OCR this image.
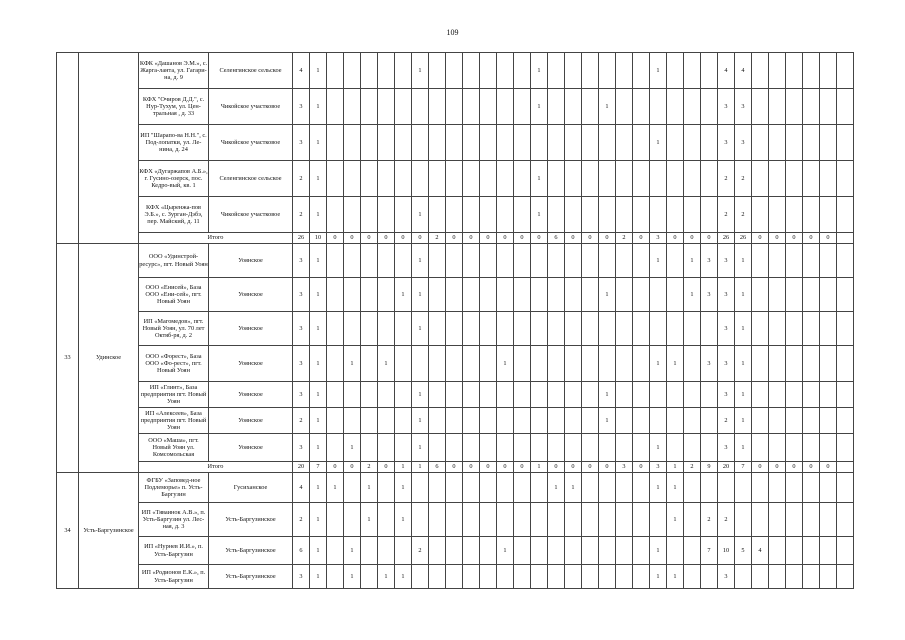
109
		КФК «Дашанов Э.М.», с. Жарга-ланта, ул. Гагари-на, д. 9	Селенгинское сельское	4	1						1							1							1				4	4						
		КФХ "Очиров Д.Д.", с. Нур-Тухум, ул. Цен-тральная , д. 33	Чикойское участковое	3	1													1				1							3	3						
		ИП "Шарапо-ва Н.Н.", с. Под-лопатки, ул. Ле-нина, д. 24	Чикойское участковое	3	1																				1				3	3						
		КФХ «Дугаржапов А.Б.», г. Гусино-озерск, пос. Кедро-вый, кв. 1	Селенгинское сельское	2	1													1											2	2						
		КФХ «Цыренжа-пов Э.Б.», с. Зурган-Дэбэ, пер. Майский, д. 11	Чикойское участковое	2	1						1							1											2	2						
		Итого		26	10	0	0	0	0	0	0	2	0	0	0	0	0	0	6	0	0	0	2	0	3	0	0	0	26	26	0	0	0	0	0	
33	Удинское	ООО «Удинстрой-ресурс», пгт. Новый Уоян	Уоянское	3	1						1														1		1	3	3	1						
		ООО «Енисей», База ООО «Ени-сей», пгт. Новый Уоян	Уоянское	3	1					1	1											1					1	3	3	1						
		ИП «Магомедов», пгт. Новый Уоян, ул. 70 лет Октяб-ря, д. 2	Уоянское	3	1						1																		3	1						
		ООО «Форест», База ООО «Фо-рест», пгт. Новый Уоян	Уоянское	3	1		1		1							1									1	1		3	3	1						
		ИП «Глинт», База предприятия пгт. Новый Уоян	Уоянское	3	1						1											1							3	1						
		ИП «Алексеев», База предприятия пгт. Новый Уоян	Уоянское	2	1						1											1							2	1						
		ООО «Маша», пгт. Новый Уоян ул. Комсомольская	Уоянское	3	1		1				1														1				3	1						
		Итого		20	7	0	0	2	0	1	1	6	0	0	0	0	0	1	0	0	0	0	3	0	3	1	2	9	20	7	0	0	0	0	0	
34	Усть-Баргузинское	ФГБУ «Заповед-ное Подлеморье» п. Усть-Баргузин	Гусиханское	4	1	1		1		1									1	1					1	1										
		ИП «Тяваинок А.В.», п. Усть-Баргузин ул. Лес-ная, д. 3	Усть-Баргузинское	2	1			1		1																1		2	2							
		ИП «Нурнев И.И.», п. Усть-Баргузин	Усть-Баргузинское	6	1		1				2					1									1			7	10	5	4					
		ИП «Родионов Е.К.», п. Усть-Баргузин	Усть-Баргузинское	3	1		1		1	1															1	1			3							
